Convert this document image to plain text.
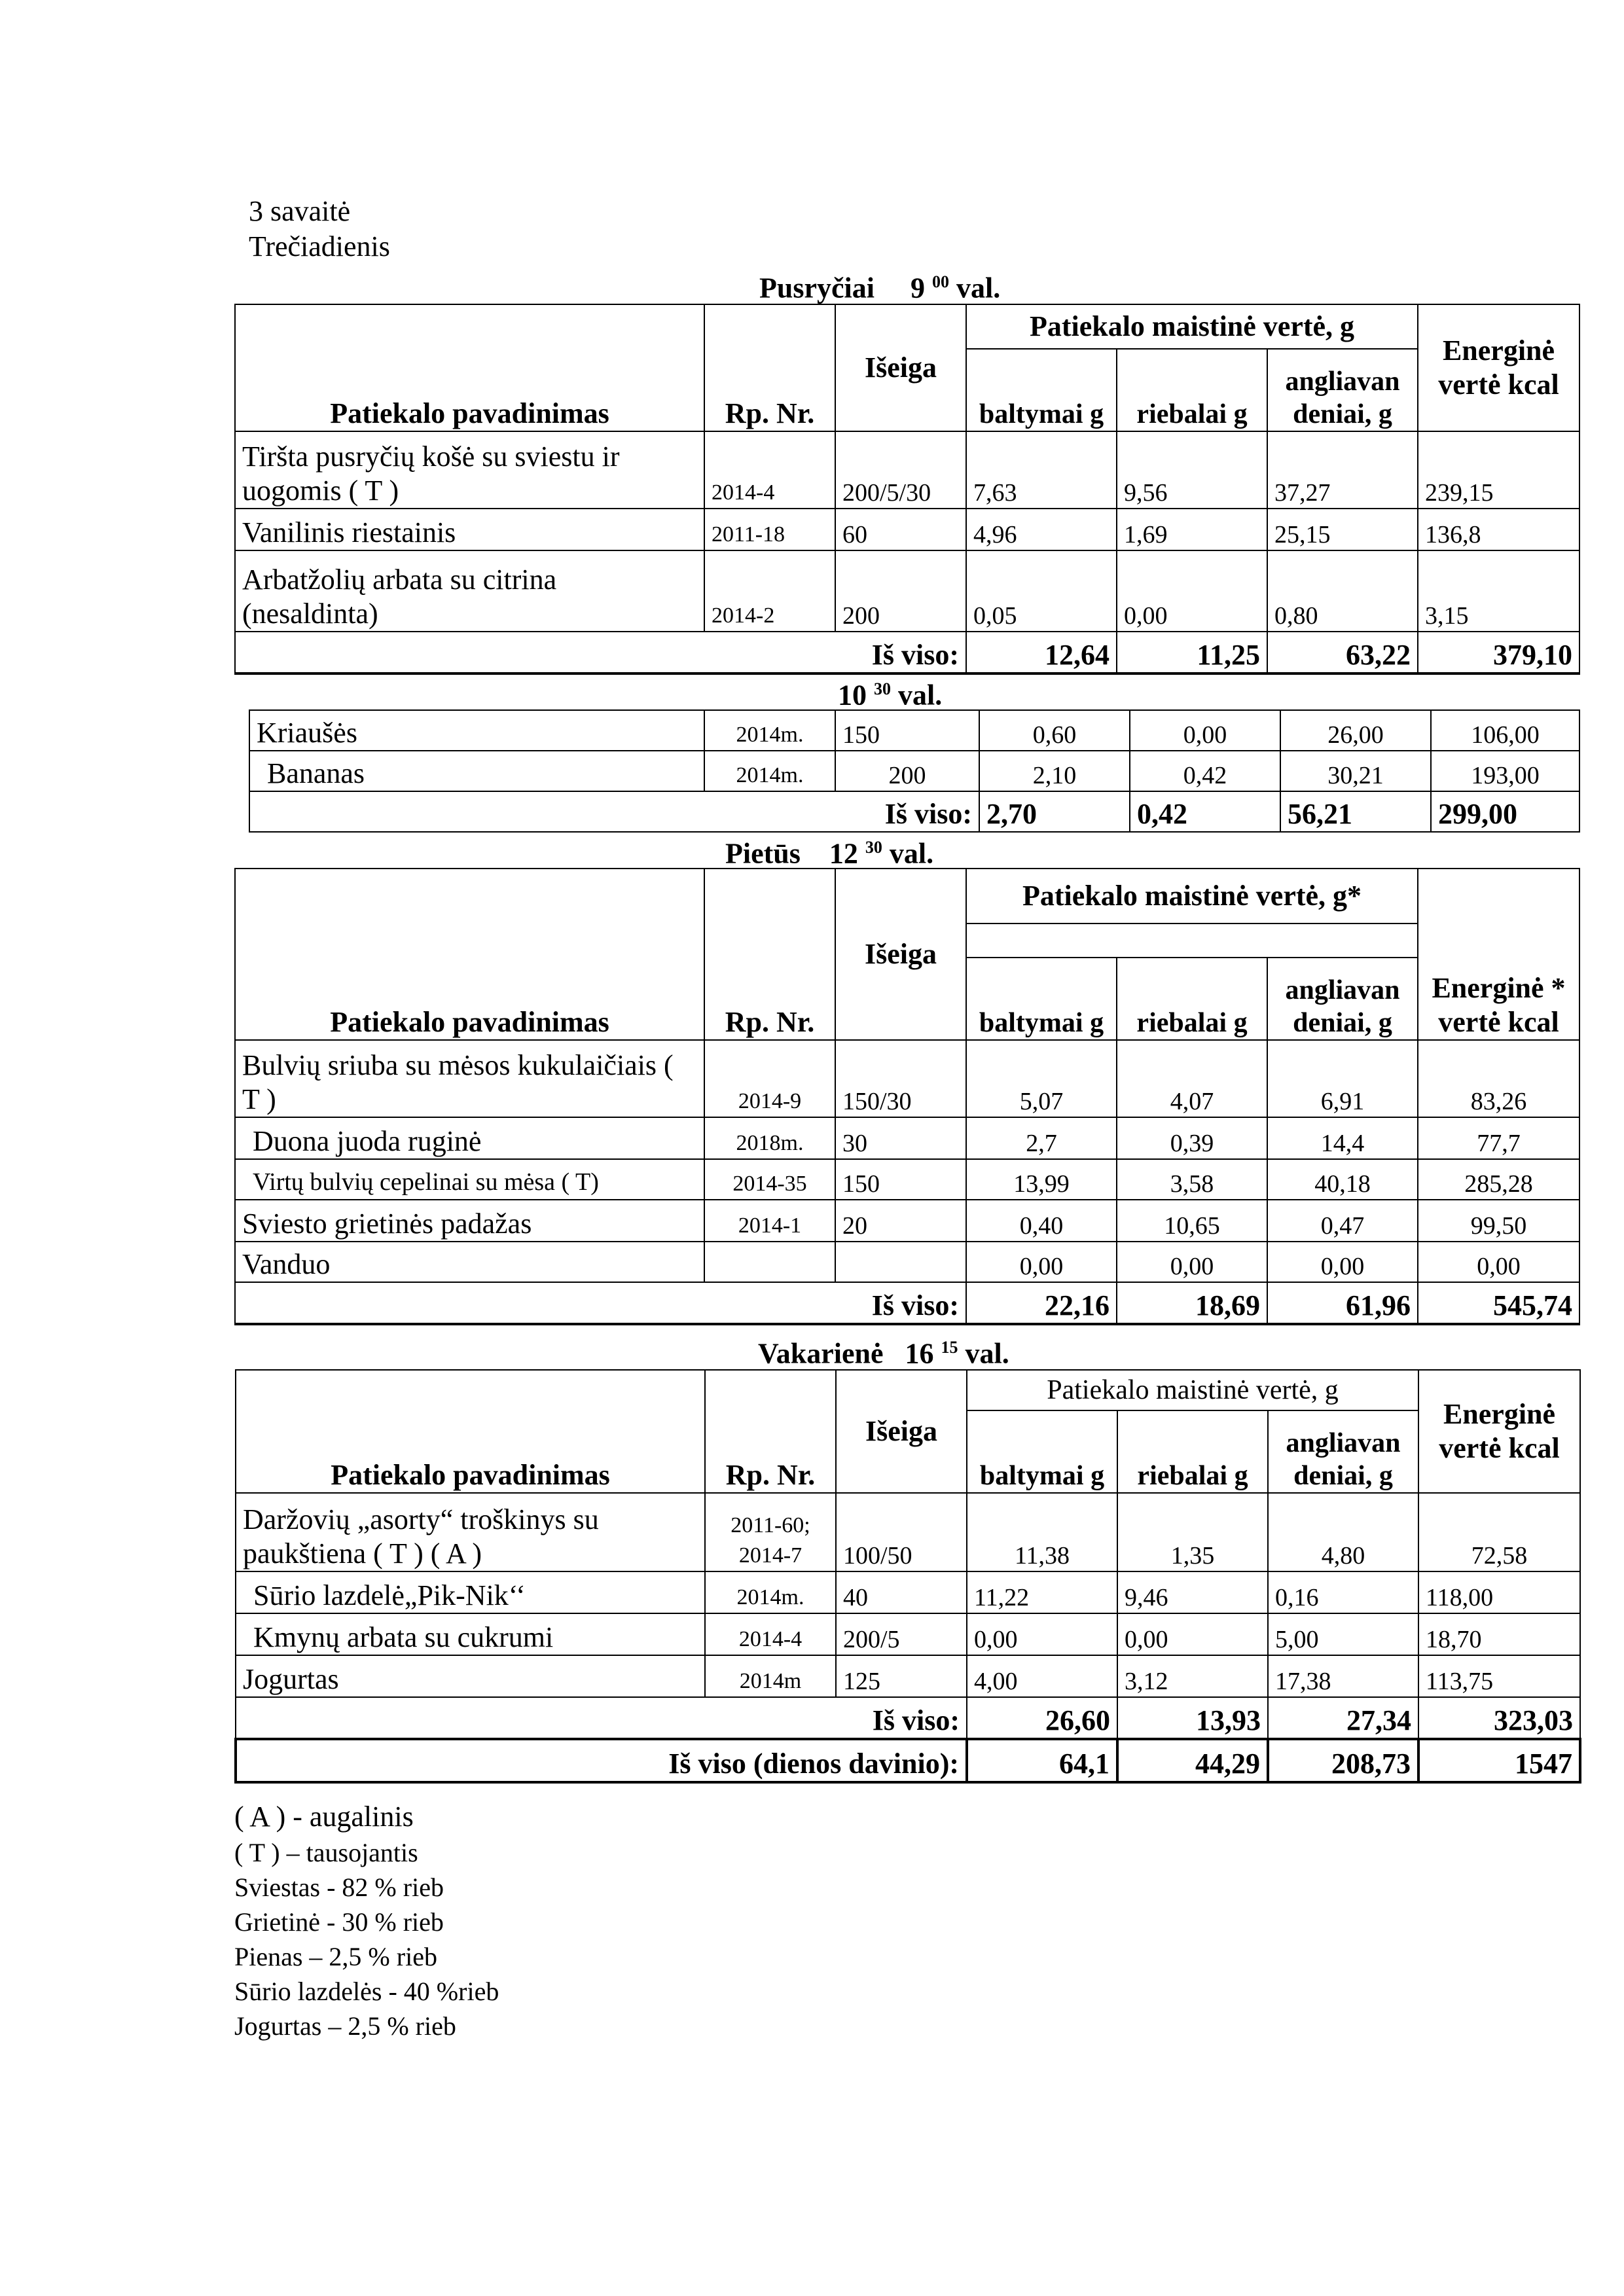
3 savaitė
Trečiadienis
Pusryčiai 9 $^{00}$ val.
Patiekalo pavadinimas	Rp. Nr.	Išeiga	Patiekalo maistinė vertė, g			Energinė vertė kcal
			baltymai g	riebalai g	angliavan deniai, g	
Tiršta pusryčių košė su sviestu ir uogomis ( T )	2014-4	200/5/30	7,63	9,56	37,27	239,15
Vanilinis riestainis	2011-18	60	4,96	1,69	25,15	136,8
Arbatžolių arbata su citrina (nesaldinta)	2014-2	200	0,05	0,00	0,80	3,15
Iš viso:			12,64	11,25	63,22	379,10
10 $^{30}$ val.
Kriaušės	2014m.	150	0,60	0,00	26,00	106,00
Bananas	2014m.	200	2,10	0,42	30,21	193,00
Iš viso:			2,70	0,42	56,21	299,00
Pietūs 12 $^{30}$ val.
Patiekalo pavadinimas	Rp. Nr.	Išeiga	Patiekalo maistinė vertė, g*			Energinė * vertė kcal

			baltymai g	riebalai g	angliavan deniai, g	
Bulvių sriuba su mėsos kukulaičiais ( T )	2014-9	150/30	5,07	4,07	6,91	83,26
Duona juoda ruginė	2018m.	30	2,7	0,39	14,4	77,7
Virtų bulvių cepelinai su mėsa ( T)	2014-35	150	13,99	3,58	40,18	285,28
Sviesto grietinės padažas	2014-1	20	0,40	10,65	0,47	99,50
Vanduo			0,00	0,00	0,00	0,00
Iš viso:			22,16	18,69	61,96	545,74
Vakarienė 16 $^{15}$ val.
Patiekalo pavadinimas	Rp. Nr.	Išeiga	Patiekalo maistinė vertė, g			Energinė vertė kcal
			baltymai g	riebalai g	angliavan deniai, g	
Daržovių „asorty“ troškinys su paukštiena ( T ) ( A )	2011-60; 2014-7	100/50	11,38	1,35	4,80	72,58
Sūrio lazdelė„Pik-Nik‘‘	2014m.	40	11,22	9,46	0,16	118,00
Kmynų arbata su cukrumi	2014-4	200/5	0,00	0,00	5,00	18,70
Jogurtas	2014m	125	4,00	3,12	17,38	113,75
Iš viso:			26,60	13,93	27,34	323,03
Iš viso (dienos davinio):			64,1	44,29	208,73	1547
( A ) - augalinis
( T ) – tausojantis
Sviestas - 82 % rieb
Grietinė - 30 % rieb
Pienas – 2,5 % rieb
Sūrio lazdelės - 40 %rieb
Jogurtas – 2,5 % rieb
